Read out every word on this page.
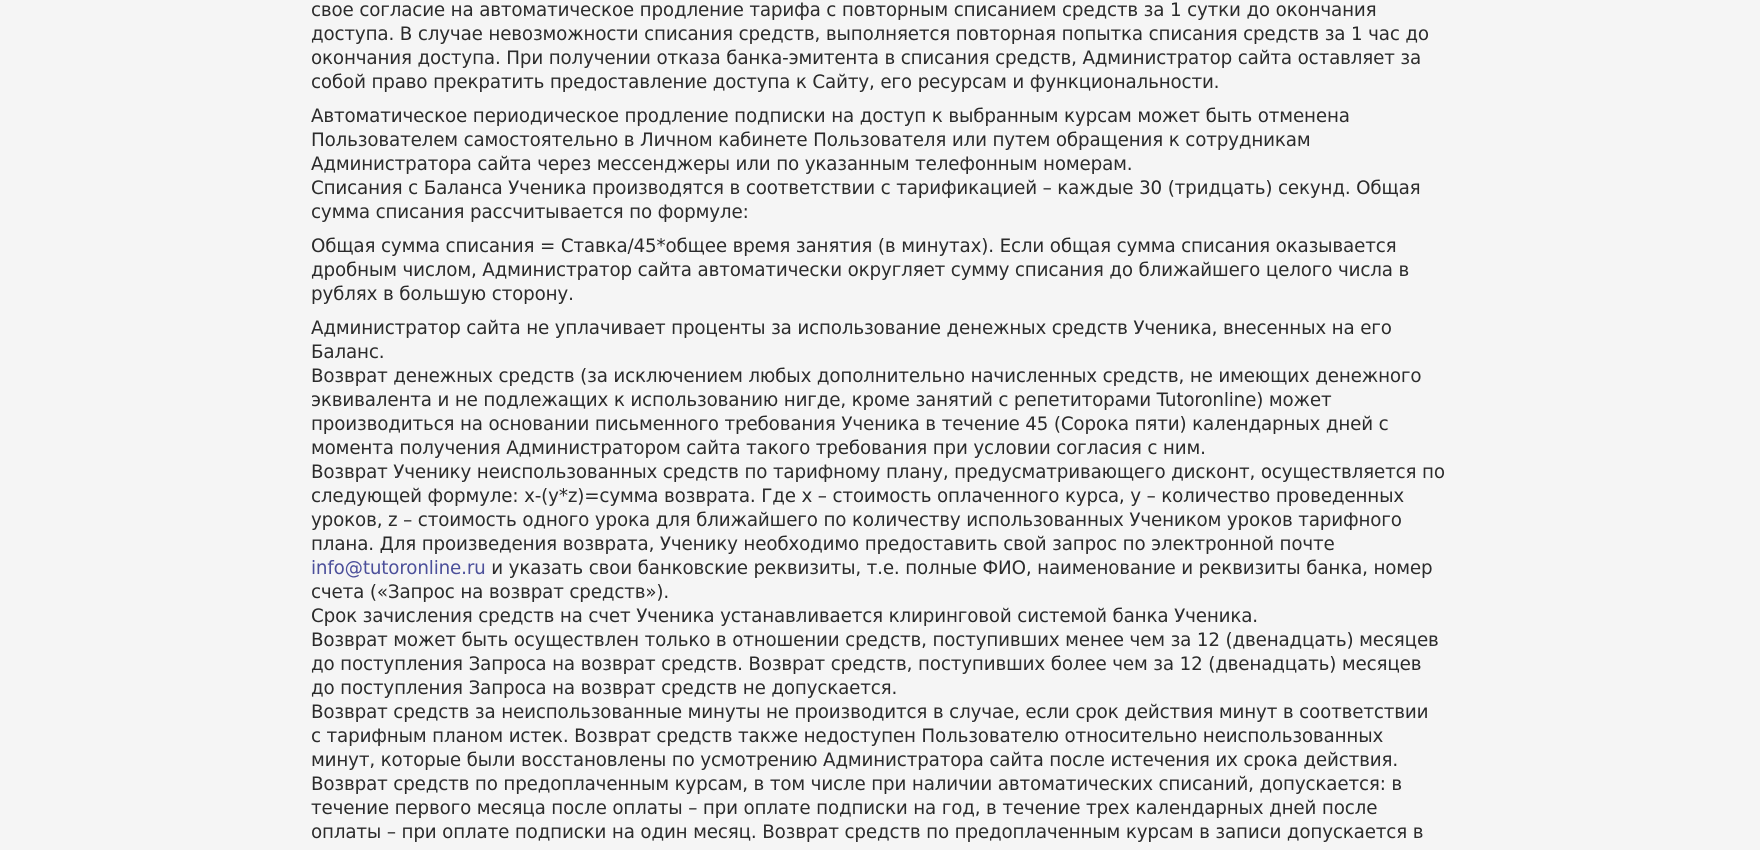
свое согласие на автоматическое продление тарифа с повторным списанием средств за 1 сутки до окончания
доступа. В случае невозможности списания средств, выполняется повторная попытка списания средств за 1 час до
окончания доступа. При получении отказа банка-эмитента в списания средств, Администратор сайта оставляет за
собой право прекратить предоставление доступа к Сайту, его ресурсам и функциональности.

Автоматическое периодическое продление подписки на доступ к выбранным курсам может быть отменена
Пользователем самостоятельно в Личном кабинете Пользователя или путем обращения к сотрудникам
Администратора сайта через мессенджеры или по указанным телефонным номерам.

Списания с Баланса Ученика производятся в соответствии с тарификацией – каждые 30 (тридцать) секунд. Общая
сумма списания рассчитывается по формуле:

Общая сумма списания = Ставка/45*общее время занятия (в минутах). Если общая сумма списания оказывается
дробным числом, Администратор сайта автоматически округляет сумму списания до ближайшего целого числа в
рублях в большую сторону.

Администратор сайта не уплачивает проценты за использование денежных средств Ученика, внесенных на его
Баланс.

Возврат денежных средств (за исключением любых дополнительно начисленных средств, не имеющих денежного
эквивалента и не подлежащих к использованию нигде, кроме занятий с репетиторами Tutoronline) может
производиться на основании письменного требования Ученика в течение 45 (Сорока пяти) календарных дней с
момента получения Администратором сайта такого требования при условии согласия с ним.

Возврат Ученику неиспользованных средств по тарифному плану, предусматривающего дисконт, осуществляется по
следующей формуле: x-(y*z)=сумма возврата. Где x – стоимость оплаченного курса, y – количество проведенных
уроков, z – стоимость одного урока для ближайшего по количеству использованных Учеником уроков тарифного
плана. Для произведения возврата, Ученику необходимо предоставить свой запрос по электронной почте
info@tutoronline.ru и указать свои банковские реквизиты, т.е. полные ФИО, наименование и реквизиты банка, номер
счета («Запрос на возврат средств»).

Срок зачисления средств на счет Ученика устанавливается клиринговой системой банка Ученика.

Возврат может быть осуществлен только в отношении средств, поступивших менее чем за 12 (двенадцать) месяцев
до поступления Запроса на возврат средств. Возврат средств, поступивших более чем за 12 (двенадцать) месяцев
до поступления Запроса на возврат средств не допускается.

Возврат средств за неиспользованные минуты не производится в случае, если срок действия минут в соответствии
с тарифным планом истек. Возврат средств также недоступен Пользователю относительно неиспользованных
минут, которые были восстановлены по усмотрению Администратора сайта после истечения их срока действия.

Возврат средств по предоплаченным курсам, в том числе при наличии автоматических списаний, допускается: в
течение первого месяца после оплаты – при оплате подписки на год, в течение трех календарных дней после
оплаты – при оплате подписки на один месяц. Возврат средств по предоплаченным курсам в записи допускается в
